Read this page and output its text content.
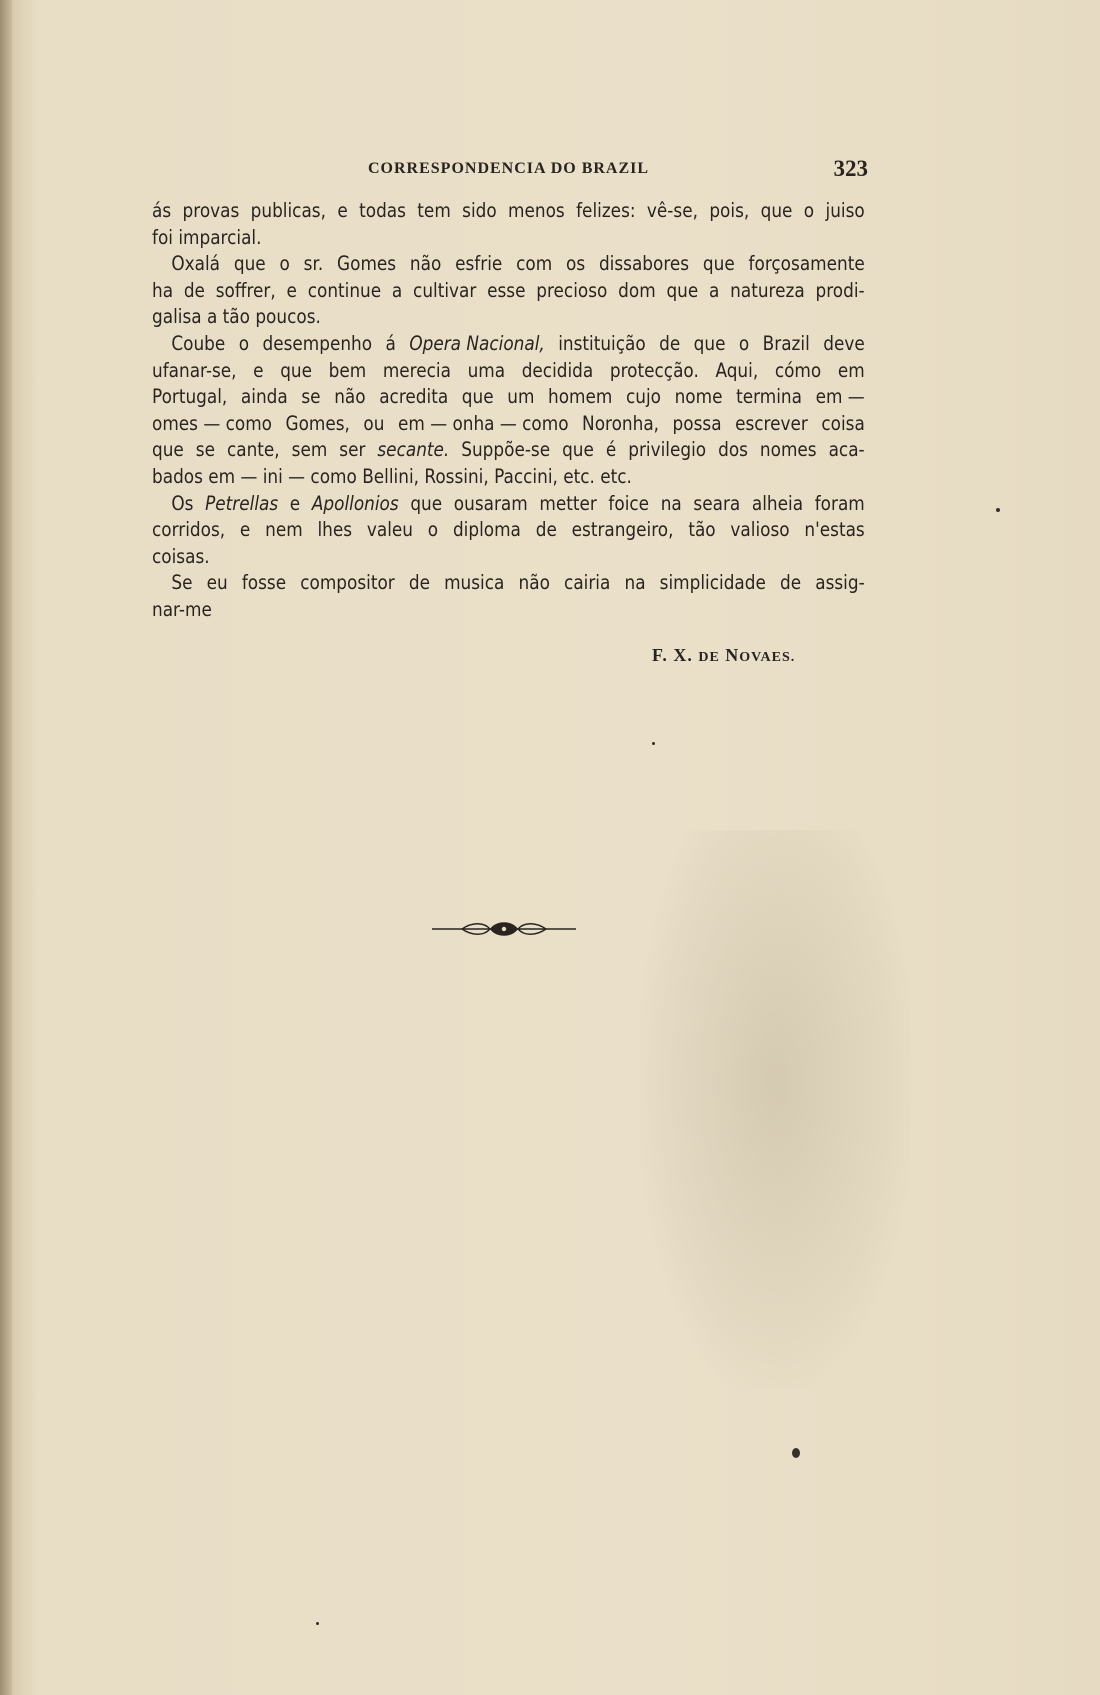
CORRESPONDENCIA DO BRAZIL	323
ás provas publicas, e todas tem sido menos felizes: vê-se, pois, que o juiso
foi imparcial.
Oxalá que o sr. Gomes não esfrie com os dissabores que forçosamente
ha de soffrer, e continue a cultivar esse precioso dom que a natureza prodi-
galisa a tão poucos.
Coube o desempenho á Opera Nacional, instituição de que o Brazil deve
ufanar-se, e que bem merecia uma decidida protecção. Aqui, cómo em
Portugal, ainda se não acredita que um homem cujo nome termina em —
omes — como Gomes, ou em — onha — como Noronha, possa escrever coisa
que se cante, sem ser secante. Suppõe-se que é privilegio dos nomes aca-
bados em — ini — como Bellini, Rossini, Paccini, etc. etc.
Os Petrellas e Apollonios que ousaram metter foice na seara alheia foram
corridos, e nem lhes valeu o diploma de estrangeiro, tão valioso n'estas
coisas.
Se eu fosse compositor de musica não cairia na simplicidade de assig-
nar-me
F. X. DE NOVAES.
